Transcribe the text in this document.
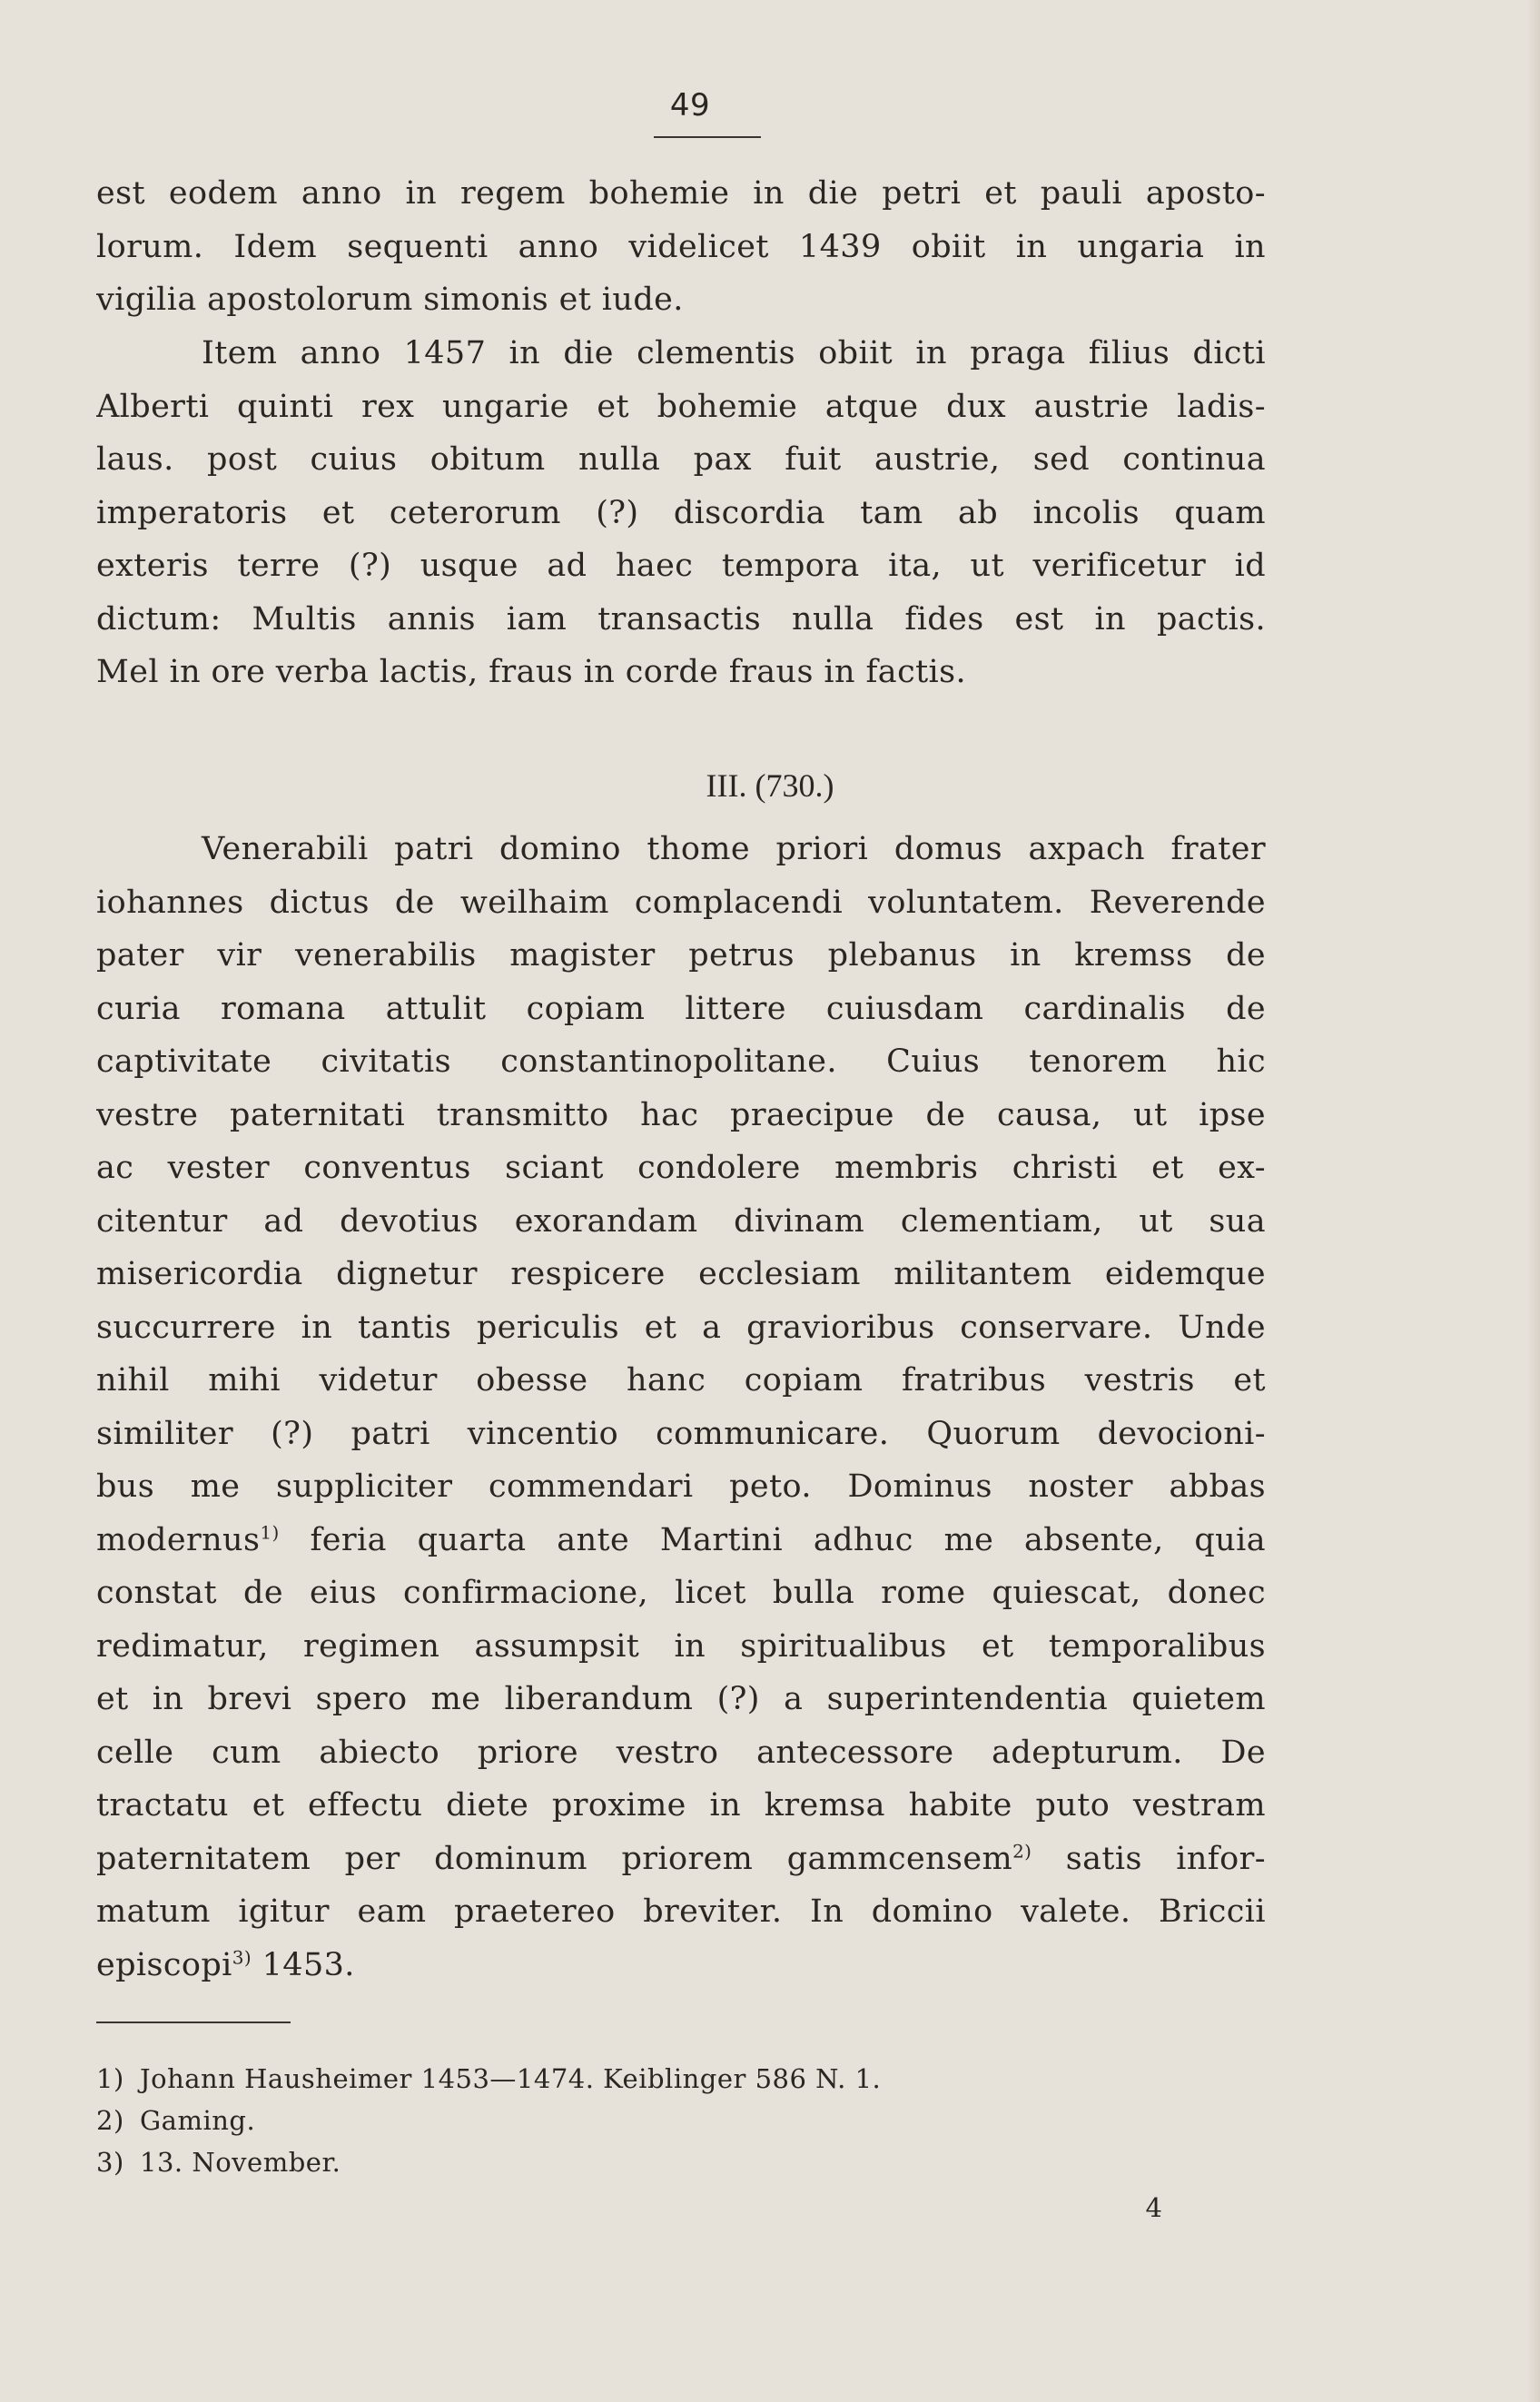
49
est eodem anno in regem bohemie in die petri et pauli aposto-
lorum. Idem sequenti anno videlicet 1439 obiit in ungaria in
vigilia apostolorum simonis et iude.
Item anno 1457 in die clementis obiit in praga filius dicti
Alberti quinti rex ungarie et bohemie atque dux austrie ladis-
laus. post cuius obitum nulla pax fuit austrie, sed continua
imperatoris et ceterorum (?) discordia tam ab incolis quam
exteris terre (?) usque ad haec tempora ita, ut verificetur id
dictum: Multis annis iam transactis nulla fides est in pactis.
Mel in ore verba lactis, fraus in corde fraus in factis.
III. (730.)
Venerabili patri domino thome priori domus axpach frater
iohannes dictus de weilhaim complacendi voluntatem. Reverende
pater vir venerabilis magister petrus plebanus in kremss de
curia romana attulit copiam littere cuiusdam cardinalis de
captivitate civitatis constantinopolitane. Cuius tenorem hic
vestre paternitati transmitto hac praecipue de causa, ut ipse
ac vester conventus sciant condolere membris christi et ex-
citentur ad devotius exorandam divinam clementiam, ut sua
misericordia dignetur respicere ecclesiam militantem eidemque
succurrere in tantis periculis et a gravioribus conservare. Unde
nihil mihi videtur obesse hanc copiam fratribus vestris et
similiter (?) patri vincentio communicare. Quorum devocioni-
bus me suppliciter commendari peto. Dominus noster abbas
modernus$^{1)}$ feria quarta ante Martini adhuc me absente, quia
constat de eius confirmacione, licet bulla rome quiescat, donec
redimatur, regimen assumpsit in spiritualibus et temporalibus
et in brevi spero me liberandum (?) a superintendentia quietem
celle cum abiecto priore vestro antecessore adepturum. De
tractatu et effectu diete proxime in kremsa habite puto vestram
paternitatem per dominum priorem gammcensem$^{2)}$ satis infor-
matum igitur eam praetereo breviter. In domino valete. Briccii
episcopi$^{3)}$ 1453.
1) Johann Hausheimer 1453—1474. Keiblinger 586 N. 1.
2) Gaming.
3) 13. November.
4
